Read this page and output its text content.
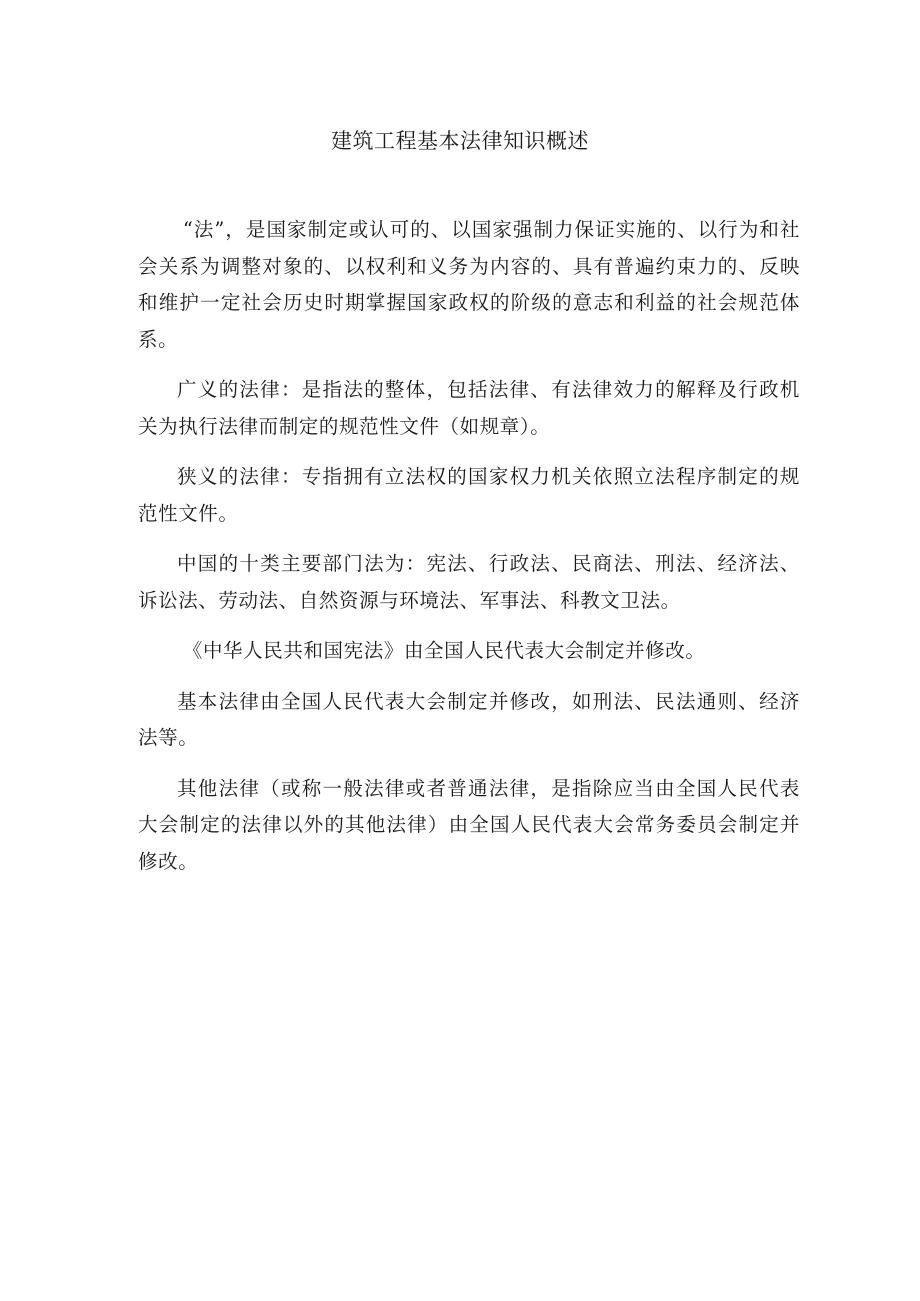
建筑工程基本法律知识概述

“法”，是国家制定或认可的、以国家强制力保证实施的、以行为和社会关系为调整对象的、以权利和义务为内容的、具有普遍约束力的、反映和维护一定社会历史时期掌握国家政权的阶级的意志和利益的社会规范体系。

广义的法律：是指法的整体，包括法律、有法律效力的解释及行政机关为执行法律而制定的规范性文件（如规章）。

狭义的法律：专指拥有立法权的国家权力机关依照立法程序制定的规范性文件。

中国的十类主要部门法为：宪法、行政法、民商法、刑法、经济法、诉讼法、劳动法、自然资源与环境法、军事法、科教文卫法。

《中华人民共和国宪法》由全国人民代表大会制定并修改。

基本法律由全国人民代表大会制定并修改，如刑法、民法通则、经济法等。

其他法律（或称一般法律或者普通法律，是指除应当由全国人民代表大会制定的法律以外的其他法律）由全国人民代表大会常务委员会制定并修改。
